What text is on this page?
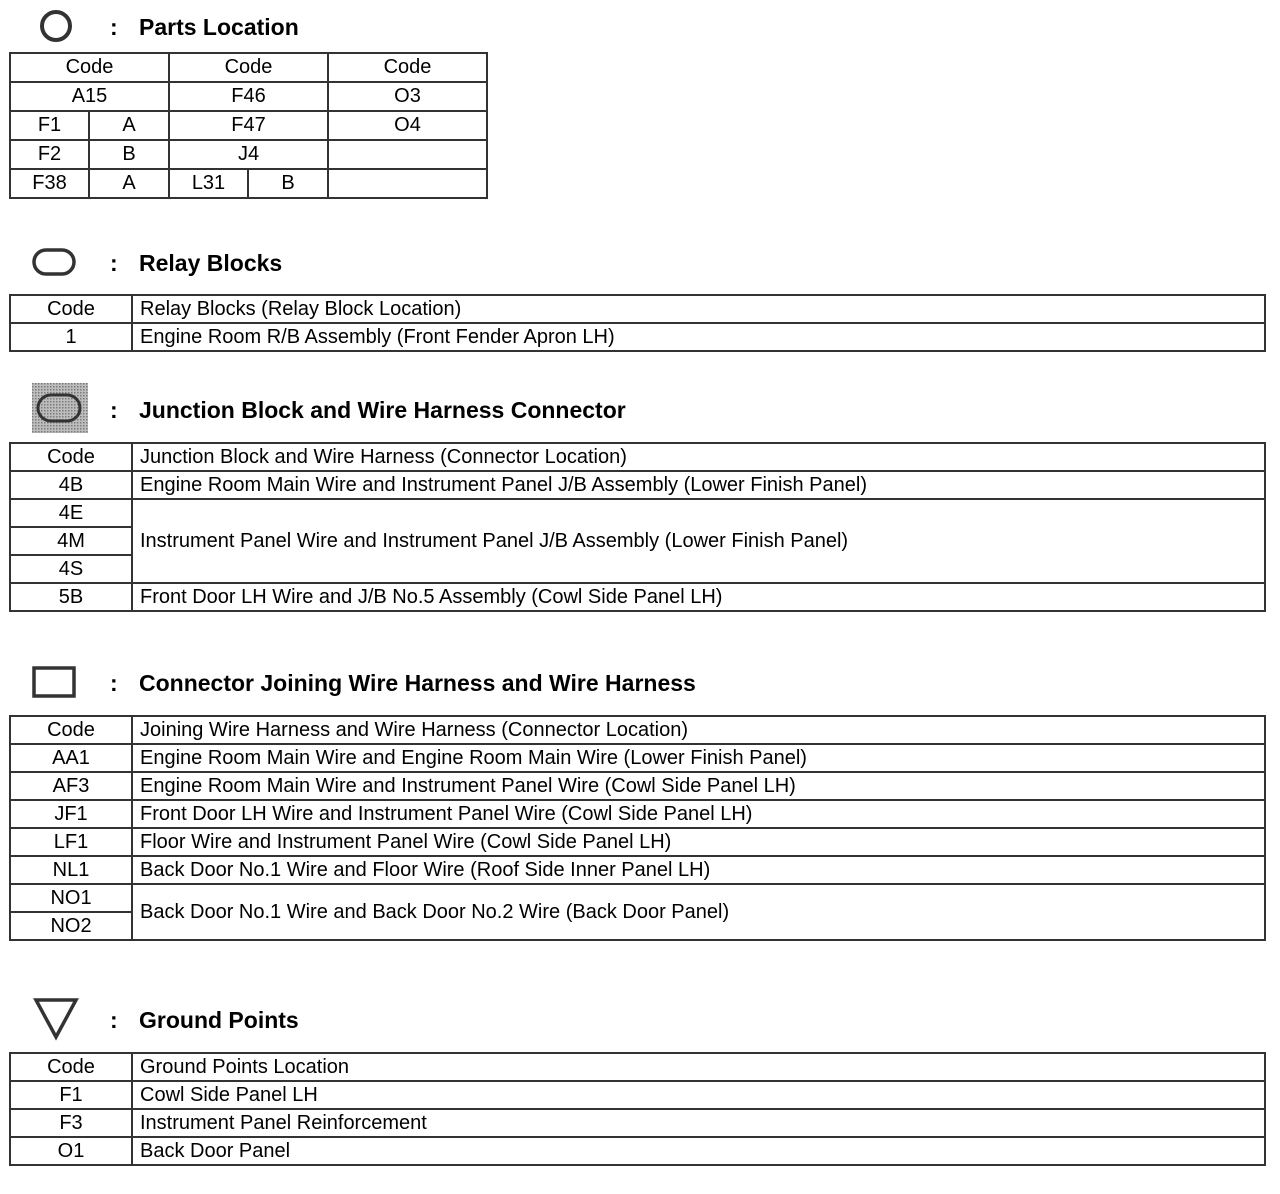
: Parts Location
Code		Code		Code
A15		F46		O3
F1	A	F47		O4
F2	B	J4		
F38	A	L31	B	
: Relay Blocks
Code	Relay Blocks (Relay Block Location)
1	Engine Room R/B Assembly (Front Fender Apron LH)
: Junction Block and Wire Harness Connector
Code	Junction Block and Wire Harness (Connector Location)
4B	Engine Room Main Wire and Instrument Panel J/B Assembly (Lower Finish Panel)
4E	Instrument Panel Wire and Instrument Panel J/B Assembly (Lower Finish Panel)
4M	
4S	
5B	Front Door LH Wire and J/B No.5 Assembly (Cowl Side Panel LH)
: Connector Joining Wire Harness and Wire Harness
Code	Joining Wire Harness and Wire Harness (Connector Location)
AA1	Engine Room Main Wire and Engine Room Main Wire (Lower Finish Panel)
AF3	Engine Room Main Wire and Instrument Panel Wire (Cowl Side Panel LH)
JF1	Front Door LH Wire and Instrument Panel Wire (Cowl Side Panel LH)
LF1	Floor Wire and Instrument Panel Wire (Cowl Side Panel LH)
NL1	Back Door No.1 Wire and Floor Wire (Roof Side Inner Panel LH)
NO1	Back Door No.1 Wire and Back Door No.2 Wire (Back Door Panel)
NO2	
: Ground Points
Code	Ground Points Location
F1	Cowl Side Panel LH
F3	Instrument Panel Reinforcement
O1	Back Door Panel
